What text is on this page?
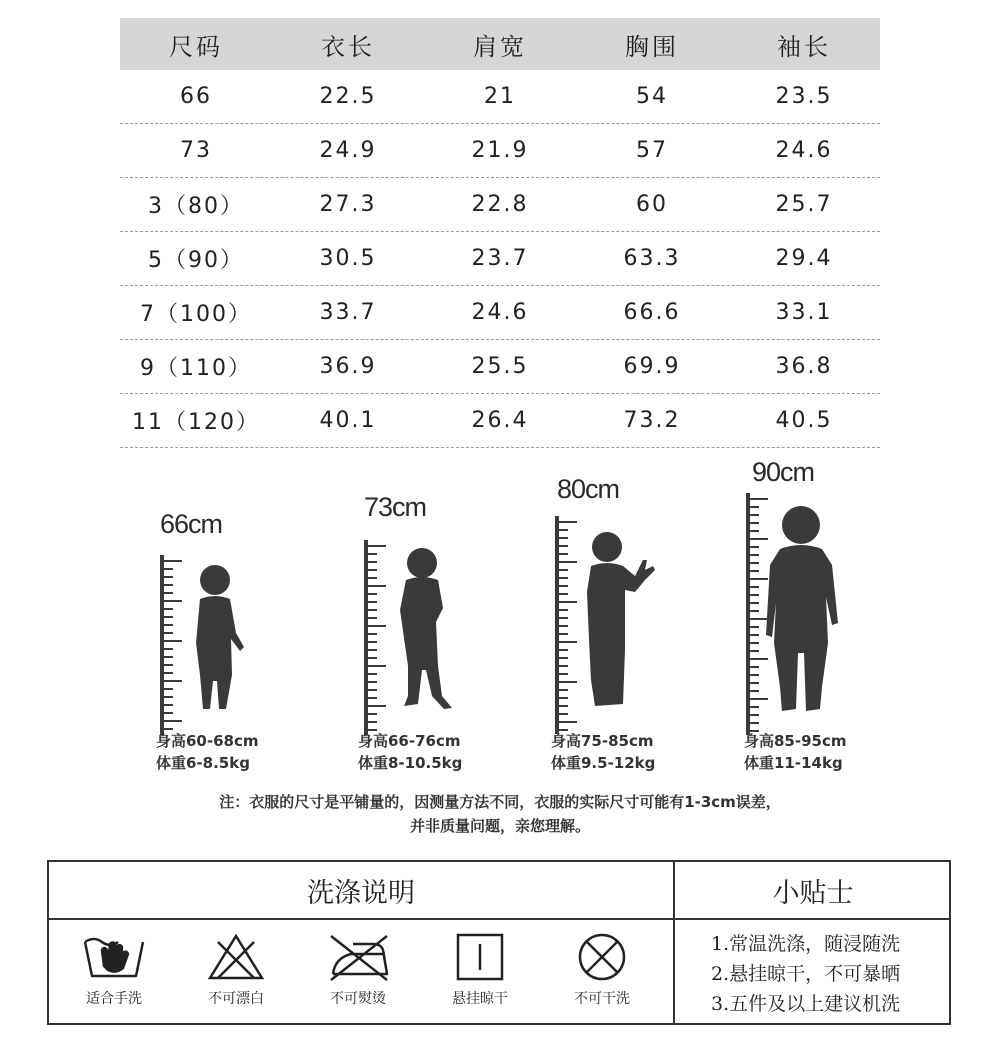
尺码	衣长	肩宽	胸围	袖长
66	22.5	21	54	23.5
73	24.9	21.9	57	24.6
3（80）	27.3	22.8	60	25.7
5（90）	30.5	23.7	63.3	29.4
7（100）	33.7	24.6	66.6	33.1
9（110）	36.9	25.5	69.9	36.8
11（120）	40.1	26.4	73.2	40.5
66cm
身高60-68cm
体重6-8.5kg
73cm
身高66-76cm
体重8-10.5kg
80cm
身高75-85cm
体重9.5-12kg
90cm
身高85-95cm
体重11-14kg
注：衣服的尺寸是平铺量的，因测量方法不同，衣服的实际尺寸可能有1-3cm误差，
并非质量问题，亲您理解。
洗涤说明	小贴士
适合手洗	不可漂白	不可熨烫	悬挂晾干	不可干洗
1.常温洗涤，随浸随洗
2.悬挂晾干，不可暴晒
3.五件及以上建议机洗
